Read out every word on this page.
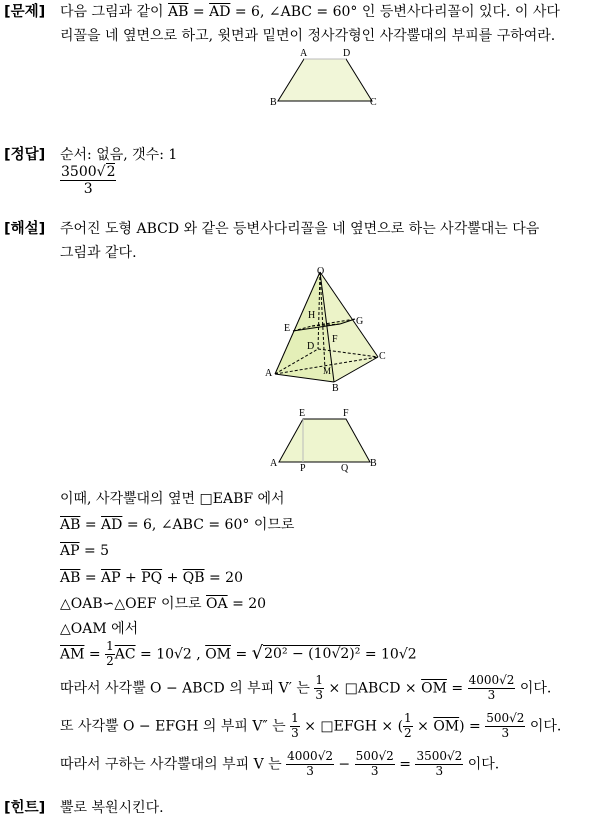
[문제] 다음 그림과 같이 $\overline{AB} = \overline{AD} = 6$, ∠ABC = 60° 인 등변사다리꼴이 있다. 이 사다
리꼴을 네 옆면으로 하고, 윗면과 밑면이 정사각형인 사각뿔대의 부피를 구하여라.
A	D
B	C
[정답] 순서: 없음, 갯수: 1
$\frac{3500√2}{3}$
[해설] 주어진 도형 ABCD 와 같은 등변사다리꼴을 네 옆면으로 하는 사각뿔대는 다음
그림과 같다.
O
H
G
E
F
D
A	M
C
B
E	F
A P	Q B
이때, 사각뿔대의 옆면 □EABF 에서
$\overline{AB} = \overline{AD} = 6$, ∠ABC = 60° 이므로
$\overline{AP} = 5$
$\overline{AB} = \overline{AP} + \overline{PQ} + \overline{QB} = 20$
△OAB∽△OEF 이므로 $\overline{OA} = 20$
△OAM 에서
$\overline{AM} = \frac{1}{2} \overline{AC} = 10√2$ , $\overline{OM} = √20^2 - (10√2)^2 = 10√2$
따라서 사각뿔 O − ABCD 의 부피 V′ 는 $\frac{1}{3}$ × □ABCD × $\overline{OM} = \frac{4000√2}{3}$ 이다.
또 사각뿔 O − EFGH 의 부피 V″ 는 $\frac{1}{3}$ × □EFGH × ( $\frac{1}{2} \times \overline{OM}) = \frac{500√2}{3}$ 이다.
따라서 구하는 사각뿔대의 부피 V 는 $\frac{4000√2}{3} - \frac{500√2}{3} = \frac{3500√2}{3}$ 이다.
[힌트] 뿔로 복원시킨다.
